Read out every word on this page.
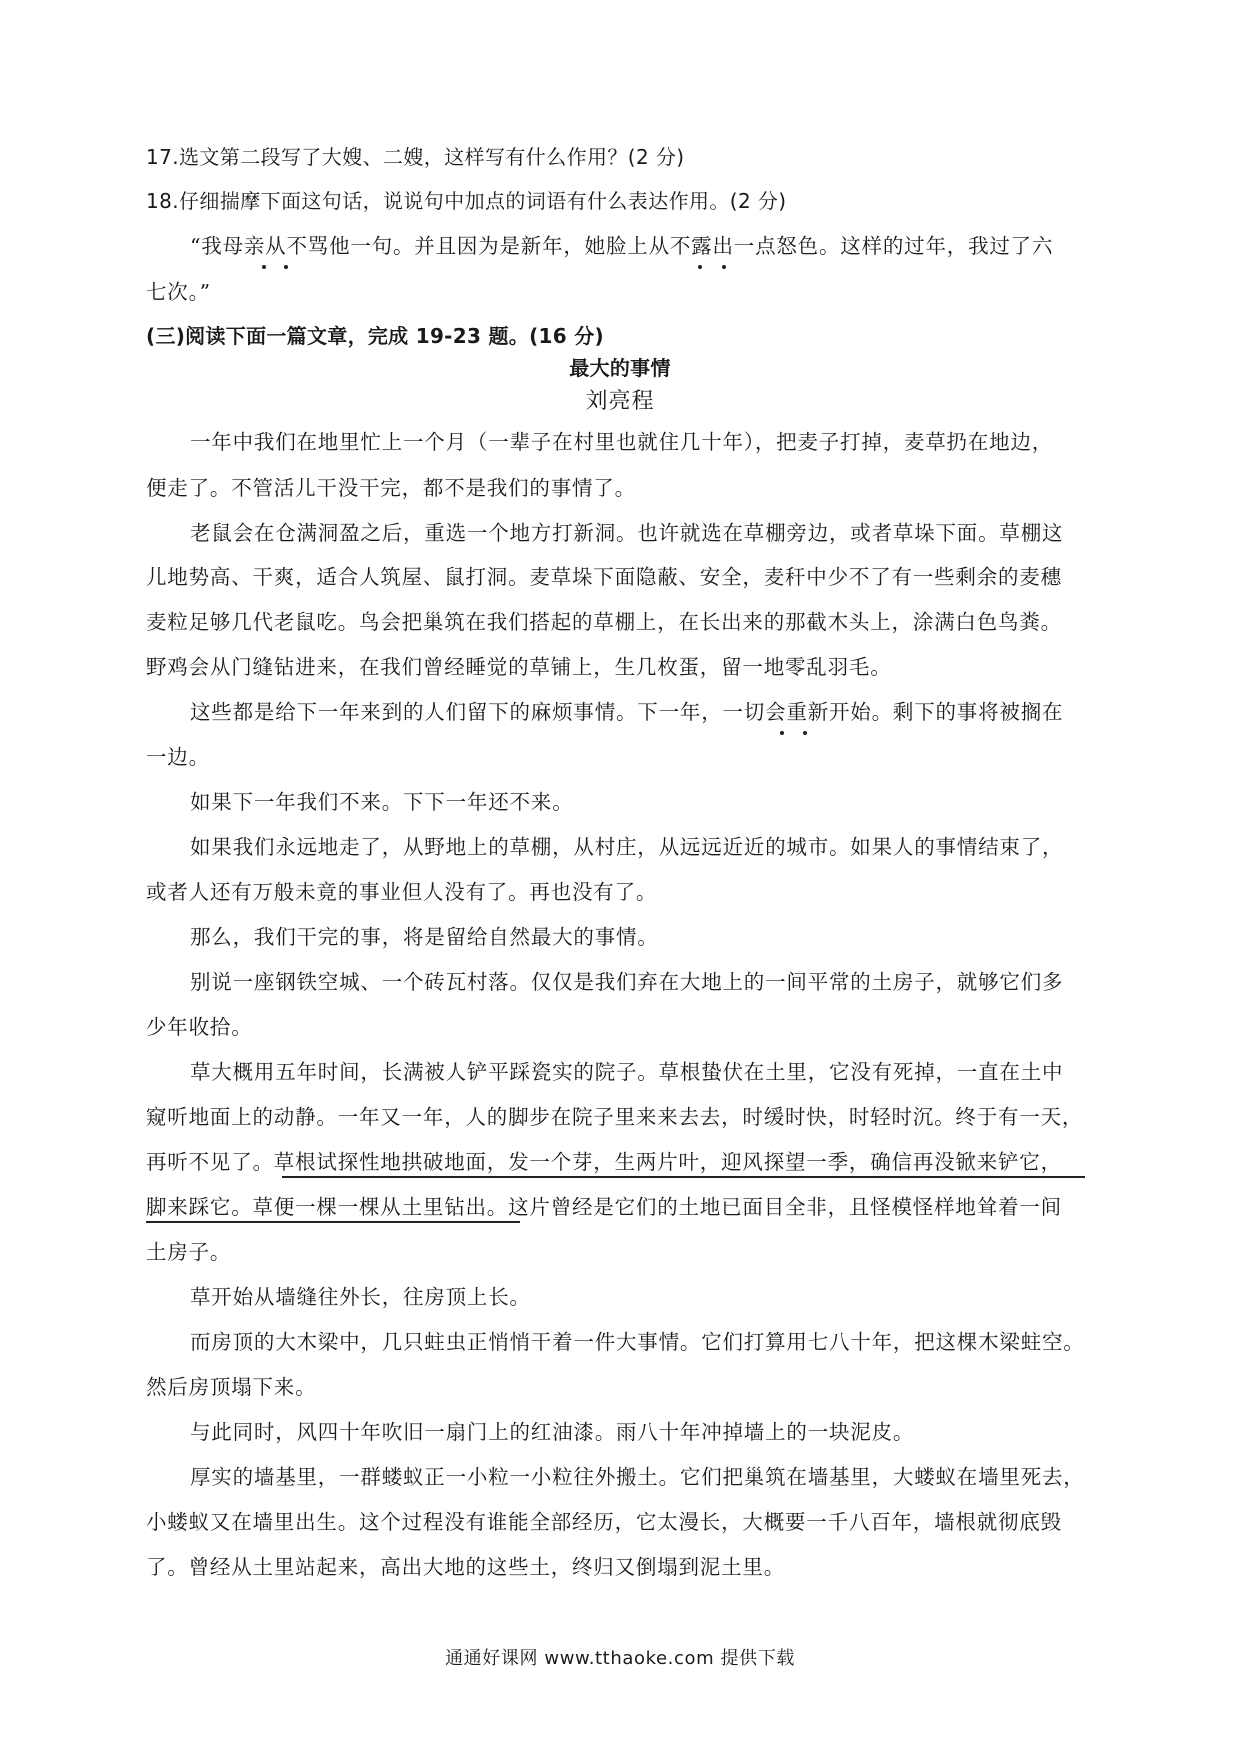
17.选文第二段写了大嫂、二嫂，这样写有什么作用？(2 分)
18.仔细揣摩下面这句话，说说句中加点的词语有什么表达作用。(2 分)
“我母亲从不骂他一句。并且因为是新年，她脸上从不露出一点怒色。这样的过年，我过了六
七次。”
(三)阅读下面一篇文章，完成 19-23 题。(16 分)
最大的事情
刘亮程
一年中我们在地里忙上一个月（一辈子在村里也就住几十年），把麦子打掉，麦草扔在地边，
便走了。不管活儿干没干完，都不是我们的事情了。
老鼠会在仓满洞盈之后，重选一个地方打新洞。也许就选在草棚旁边，或者草垛下面。草棚这
儿地势高、干爽，适合人筑屋、鼠打洞。麦草垛下面隐蔽、安全，麦秆中少不了有一些剩余的麦穗
麦粒足够几代老鼠吃。鸟会把巢筑在我们搭起的草棚上，在长出来的那截木头上，涂满白色鸟粪。
野鸡会从门缝钻进来，在我们曾经睡觉的草铺上，生几枚蛋，留一地零乱羽毛。
这些都是给下一年来到的人们留下的麻烦事情。下一年，一切会重新开始。剩下的事将被搁在
一边。
如果下一年我们不来。下下一年还不来。
如果我们永远地走了，从野地上的草棚，从村庄，从远远近近的城市。如果人的事情结束了，
或者人还有万般未竟的事业但人没有了。再也没有了。
那么，我们干完的事，将是留给自然最大的事情。
别说一座钢铁空城、一个砖瓦村落。仅仅是我们弃在大地上的一间平常的土房子，就够它们多
少年收拾。
草大概用五年时间，长满被人铲平踩瓷实的院子。草根蛰伏在土里，它没有死掉，一直在土中
窥听地面上的动静。一年又一年，人的脚步在院子里来来去去，时缓时快，时轻时沉。终于有一天，
再听不见了。草根试探性地拱破地面，发一个芽，生两片叶，迎风探望一季，确信再没锨来铲它，
脚来踩它。草便一棵一棵从土里钻出。这片曾经是它们的土地已面目全非，且怪模怪样地耸着一间
土房子。
草开始从墙缝往外长，往房顶上长。
而房顶的大木梁中，几只蛀虫正悄悄干着一件大事情。它们打算用七八十年，把这棵木梁蛀空。
然后房顶塌下来。
与此同时，风四十年吹旧一扇门上的红油漆。雨八十年冲掉墙上的一块泥皮。
厚实的墙基里，一群蝼蚁正一小粒一小粒往外搬土。它们把巢筑在墙基里，大蝼蚁在墙里死去，
小蝼蚁又在墙里出生。这个过程没有谁能全部经历，它太漫长，大概要一千八百年，墙根就彻底毁
了。曾经从土里站起来，高出大地的这些土，终归又倒塌到泥土里。
通通好课网 www.tthaoke.com 提供下载
